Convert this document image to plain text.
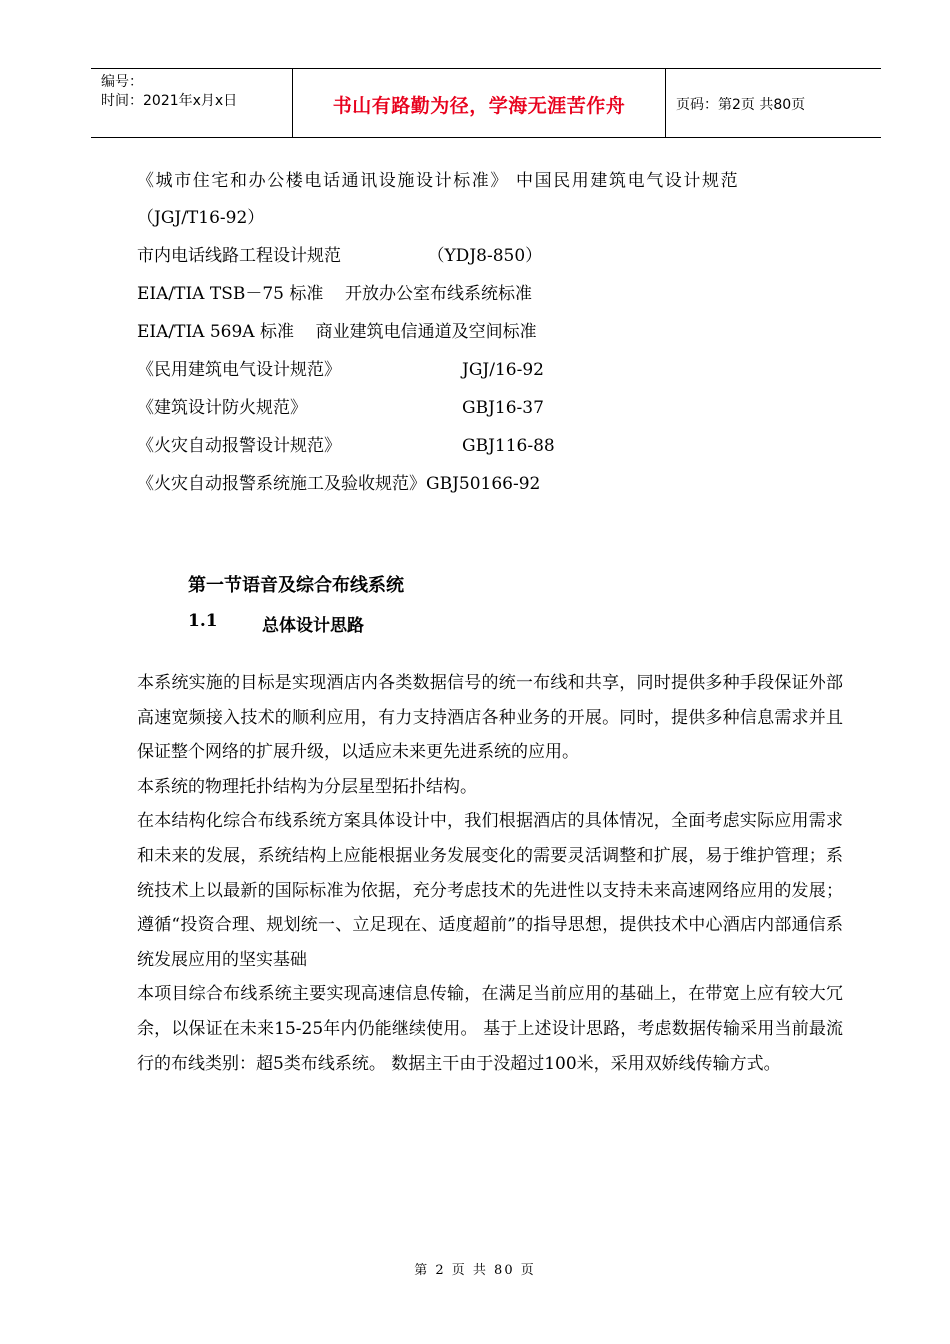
编号：
时间：2021年x月x日	书山有路勤为径，学海无涯苦作舟	页码：第2页 共80页
《城市住宅和办公楼电话通讯设施设计标准》 中国民用建筑电气设计规范
（JGJ/T16-92）
市内电话线路工程设计规范                （YDJ8-850）
EIA/TIA TSB－75 标准    开放办公室布线系统标准
EIA/TIA 569A 标准    商业建筑电信通道及空间标准
《民用建筑电气设计规范》	JGJ/16-92
《建筑设计防火规范》	GBJ16-37
《火灾自动报警设计规范》	GBJ116-88
《火灾自动报警系统施工及验收规范》GBJ50166-92
第一节语音及综合布线系统
1.1	总体设计思路

本系统实施的目标是实现酒店内各类数据信号的统一布线和共享，同时提供多种手段保证外部高速宽频接入技术的顺利应用，有力支持酒店各种业务的开展。同时，提供多种信息需求并且保证整个网络的扩展升级，以适应未来更先进系统的应用。

本系统的物理托扑结构为分层星型拓扑结构。

在本结构化综合布线系统方案具体设计中，我们根据酒店的具体情况，全面考虑实际应用需求和未来的发展，系统结构上应能根据业务发展变化的需要灵活调整和扩展，易于维护管理；系统技术上以最新的国际标准为依据，充分考虑技术的先进性以支持未来高速网络应用的发展；遵循“投资合理、规划统一、立足现在、适度超前”的指导思想，提供技术中心酒店内部通信系统发展应用的坚实基础

本项目综合布线系统主要实现高速信息传输，在满足当前应用的基础上，在带宽上应有较大冗余，以保证在未来15-25年内仍能继续使用。 基于上述设计思路，考虑数据传输采用当前最流行的布线类别：超5类布线系统。 数据主干由于没超过100米，采用双娇线传输方式。

第 2 页 共 80 页
